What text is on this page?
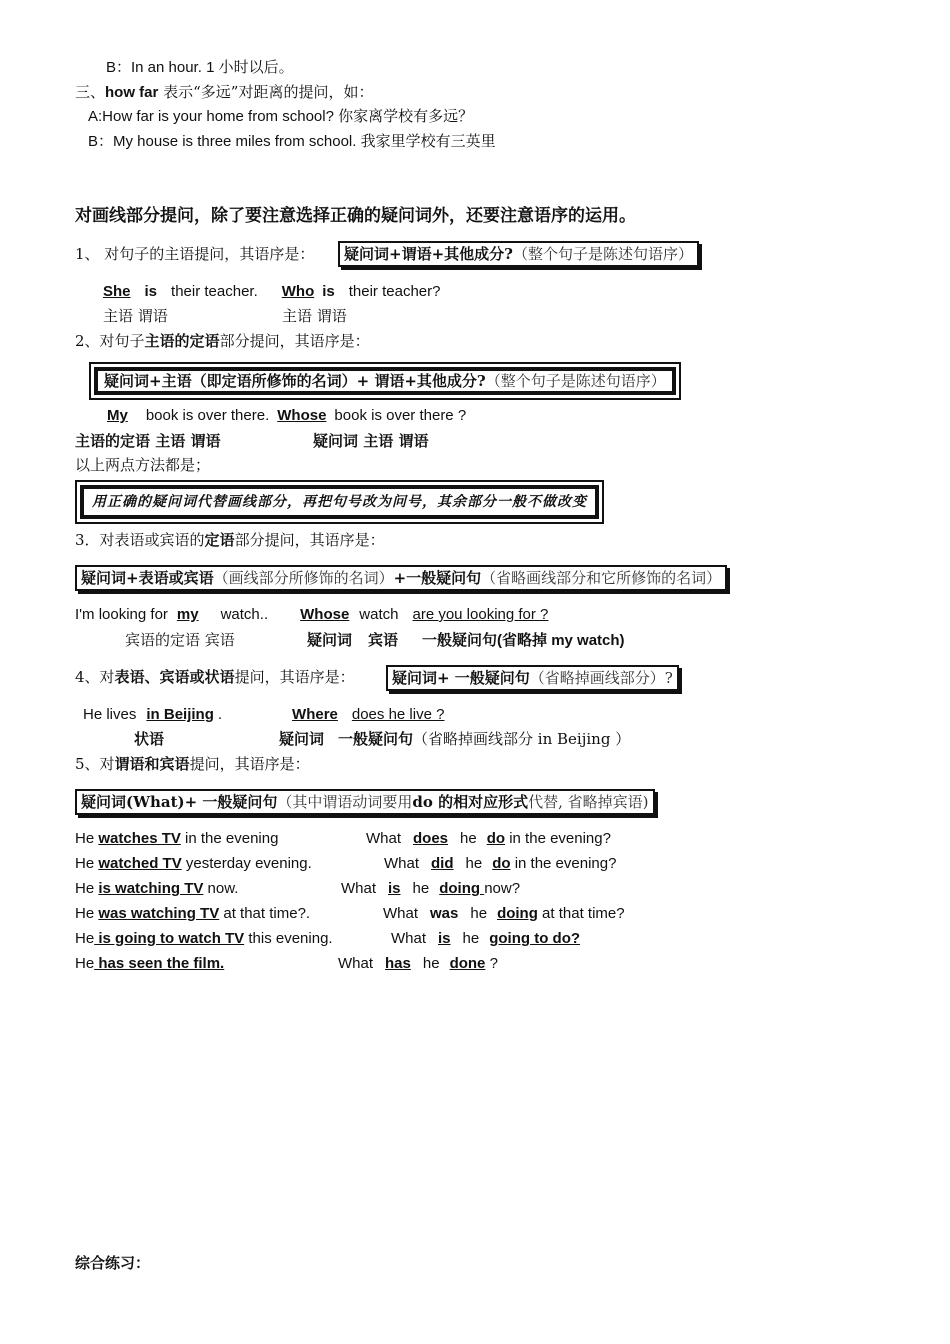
B：In an hour. 1 小时以后。
三、how far 表示“多远”对距离的提问，如：
A:How far is your home from school? 你家离学校有多远？
B：My house is three miles from school. 我家里学校有三英里
对画线部分提问，除了要注意选择正确的疑问词外，还要注意语序的运用。
1、 对句子的主语提问，其语序是：	疑问词+谓语+其他成分?（整个句子是陈述句语序）
She is their teacher. Who is their teacher?
主语 谓语	主语 谓语
2、对句子主语的定语部分提问，其语序是：
疑问词+主语（即定语所修饰的名词）+ 谓语+其他成分?（整个句子是陈述句语序）
My book is over there. Whose book is over there ?
主语的定语 主语 谓语	疑问词 主语 谓语
以上两点方法都是；
用正确的疑问词代替画线部分，再把句号改为问号，其余部分一般不做改变
3．对表语或宾语的定语部分提问，其语序是：
疑问词+表语或宾语（画线部分所修饰的名词）+一般疑问句（省略画线部分和它所修饰的名词）
I'm looking for my watch.. Whose watch are you looking for ?
宾语的定语 宾语	疑问词 宾语 一般疑问句(省略掉 my watch)
4、对表语、宾语或状语提问，其语序是：	疑问词+ 一般疑问句（省略掉画线部分）?
He lives in Beijing .	Where does he live ?
状语	疑问词 一般疑问句（省略掉画线部分 in Beijing ）
5、对谓语和宾语提问，其语序是：
疑问词(What)+ 一般疑问句（其中谓语动词要用do 的相对应形式代替, 省略掉宾语)
He watches TV in the evening	What does he do in the evening?
He watched TV yesterday evening.	What did he do in the evening?
He is watching TV now.	What is he doing now?
He was watching TV at that time?.	What was he doing at that time?
He is going to watch TV this evening.	What is he going to do?
He has seen the film.	What has he done ?
综合练习：
